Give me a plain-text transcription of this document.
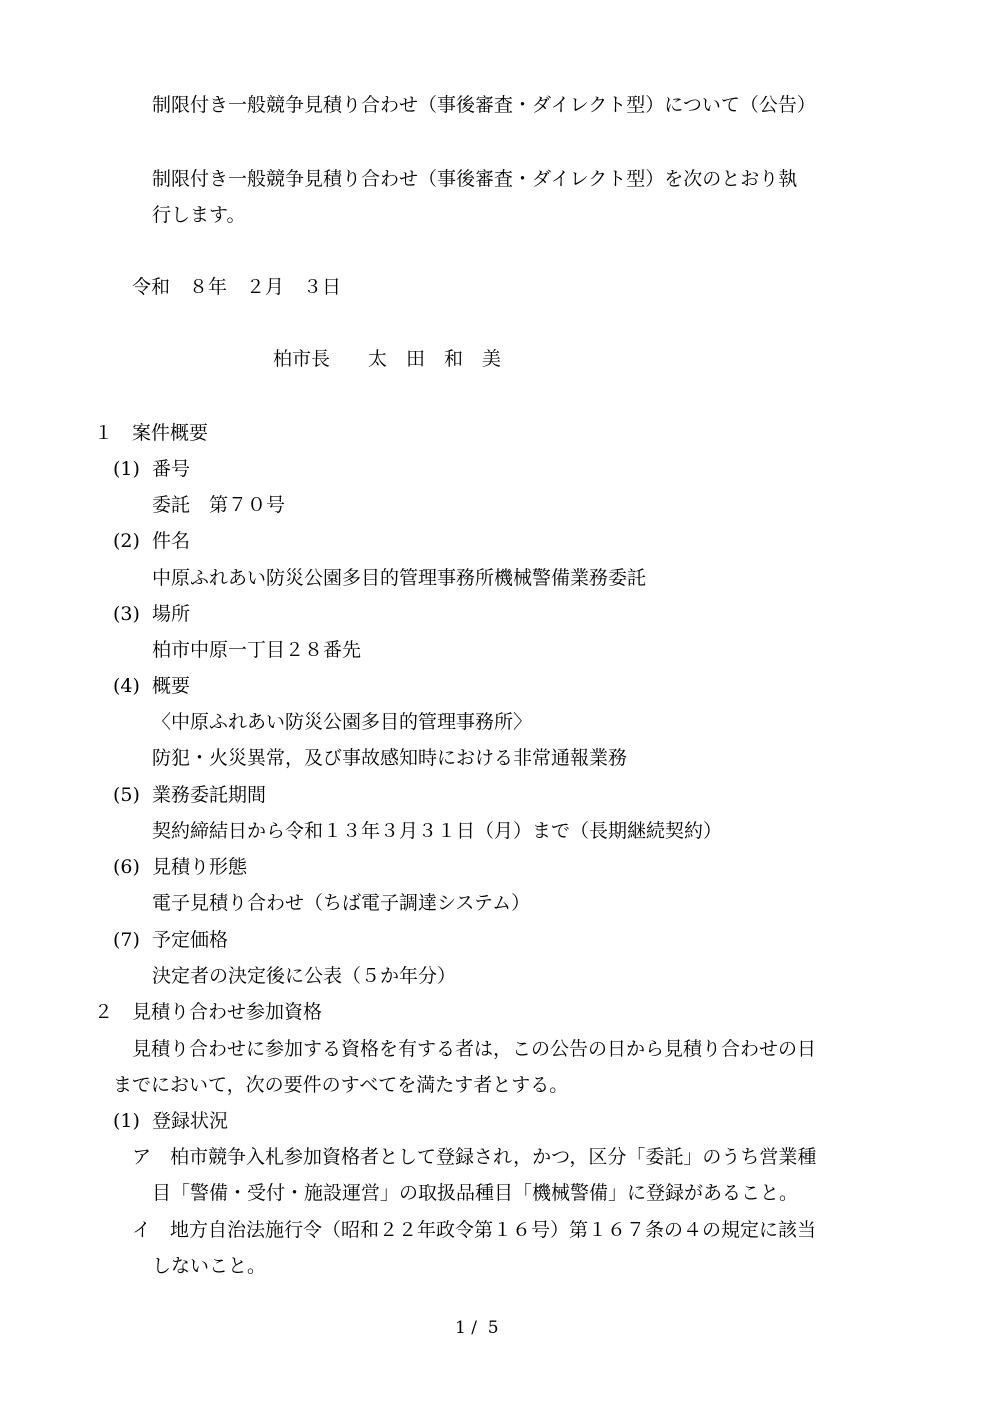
制限付き一般競争見積り合わせ（事後審査・ダイレクト型）について（公告）
制限付き一般競争見積り合わせ（事後審査・ダイレクト型）を次のとおり執
行します。
令和　８年　２月　３日
柏市長　　太　田　和　美
１　案件概要
(1)  番号
委託　第７０号
(2)  件名
中原ふれあい防災公園多目的管理事務所機械警備業務委託
(3)  場所
柏市中原一丁目２８番先
(4)  概要
〈中原ふれあい防災公園多目的管理事務所〉
防犯・火災異常，及び事故感知時における非常通報業務
(5)  業務委託期間
契約締結日から令和１３年３月３１日（月）まで（長期継続契約）
(6)  見積り形態
電子見積り合わせ（ちば電子調達システム）
(7)  予定価格
決定者の決定後に公表（５か年分）
２　見積り合わせ参加資格
見積り合わせに参加する資格を有する者は，この公告の日から見積り合わせの日
までにおいて，次の要件のすべてを満たす者とする。
(1)  登録状況
ア　柏市競争入札参加資格者として登録され，かつ，区分「委託」のうち営業種
目「警備・受付・施設運営」の取扱品種目「機械警備」に登録があること。
イ　地方自治法施行令（昭和２２年政令第１６号）第１６７条の４の規定に該当
しないこと。
1 /  5
